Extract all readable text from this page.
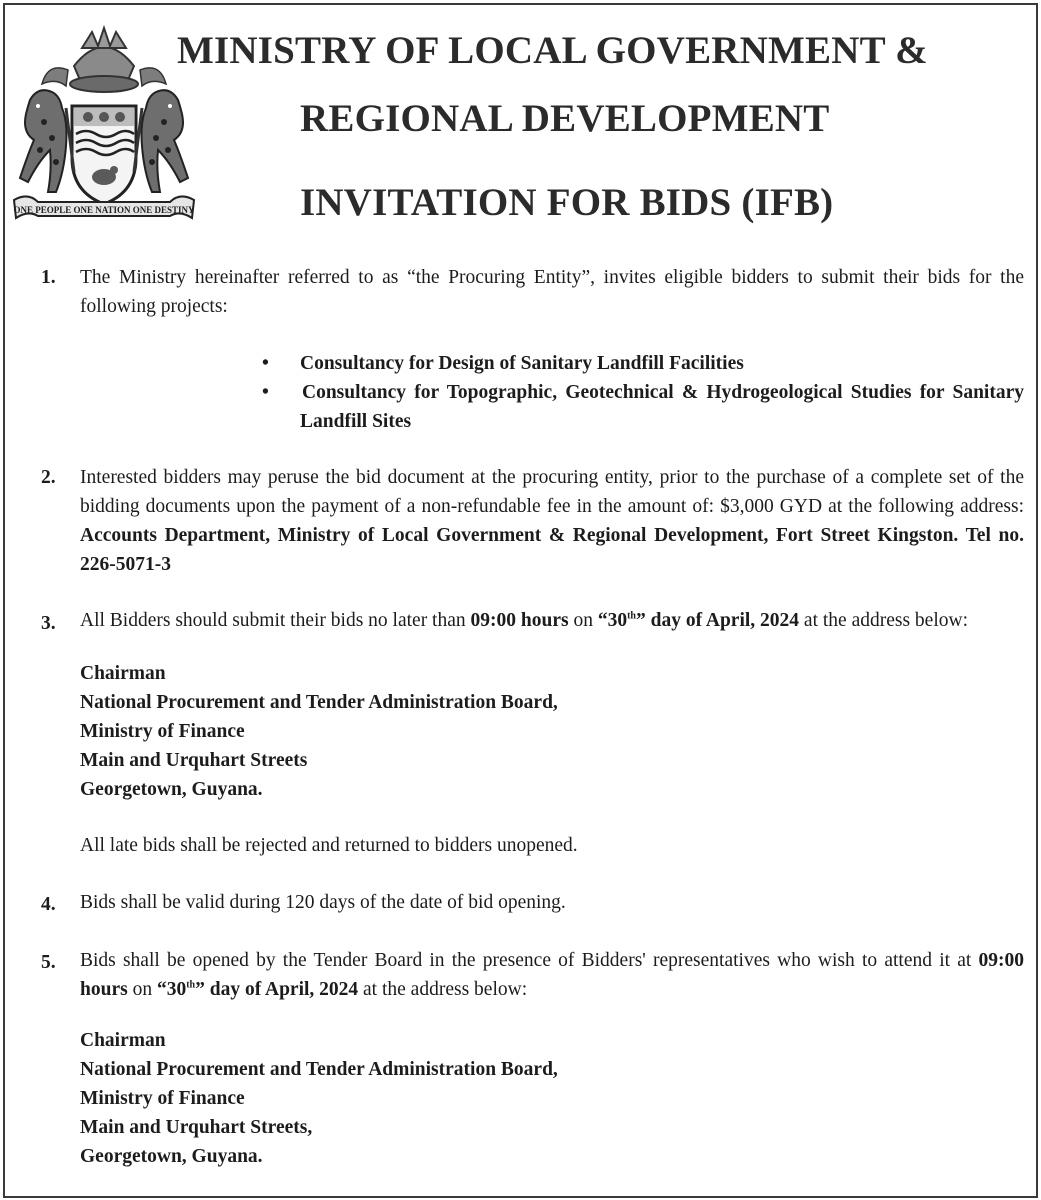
ONE PEOPLE ONE NATION ONE DESTINY
MINISTRY OF LOCAL GOVERNMENT &
REGIONAL DEVELOPMENT
INVITATION FOR BIDS (IFB)
1. The Ministry hereinafter referred to as “the Procuring Entity”, invites eligible bidders to submit their bids for the following projects:
• Consultancy for Design of Sanitary Landfill Facilities
• Consultancy for Topographic, Geotechnical & Hydrogeological Studies for Sanitary Landfill Sites
2. Interested bidders may peruse the bid document at the procuring entity, prior to the purchase of a complete set of the bidding documents upon the payment of a non-refundable fee in the amount of: $3,000 GYD at the following address: Accounts Department, Ministry of Local Government & Regional Development, Fort Street Kingston. Tel no. 226-5071-3
3. All Bidders should submit their bids no later than 09:00 hours on “30th” day of April, 2024 at the address below:
Chairman
National Procurement and Tender Administration Board,
Ministry of Finance
Main and Urquhart Streets
Georgetown, Guyana.
All late bids shall be rejected and returned to bidders unopened.
4. Bids shall be valid during 120 days of the date of bid opening.
5. Bids shall be opened by the Tender Board in the presence of Bidders' representatives who wish to attend it at 09:00 hours on “30th” day of April, 2024 at the address below:
Chairman
National Procurement and Tender Administration Board,
Ministry of Finance
Main and Urquhart Streets,
Georgetown, Guyana.
